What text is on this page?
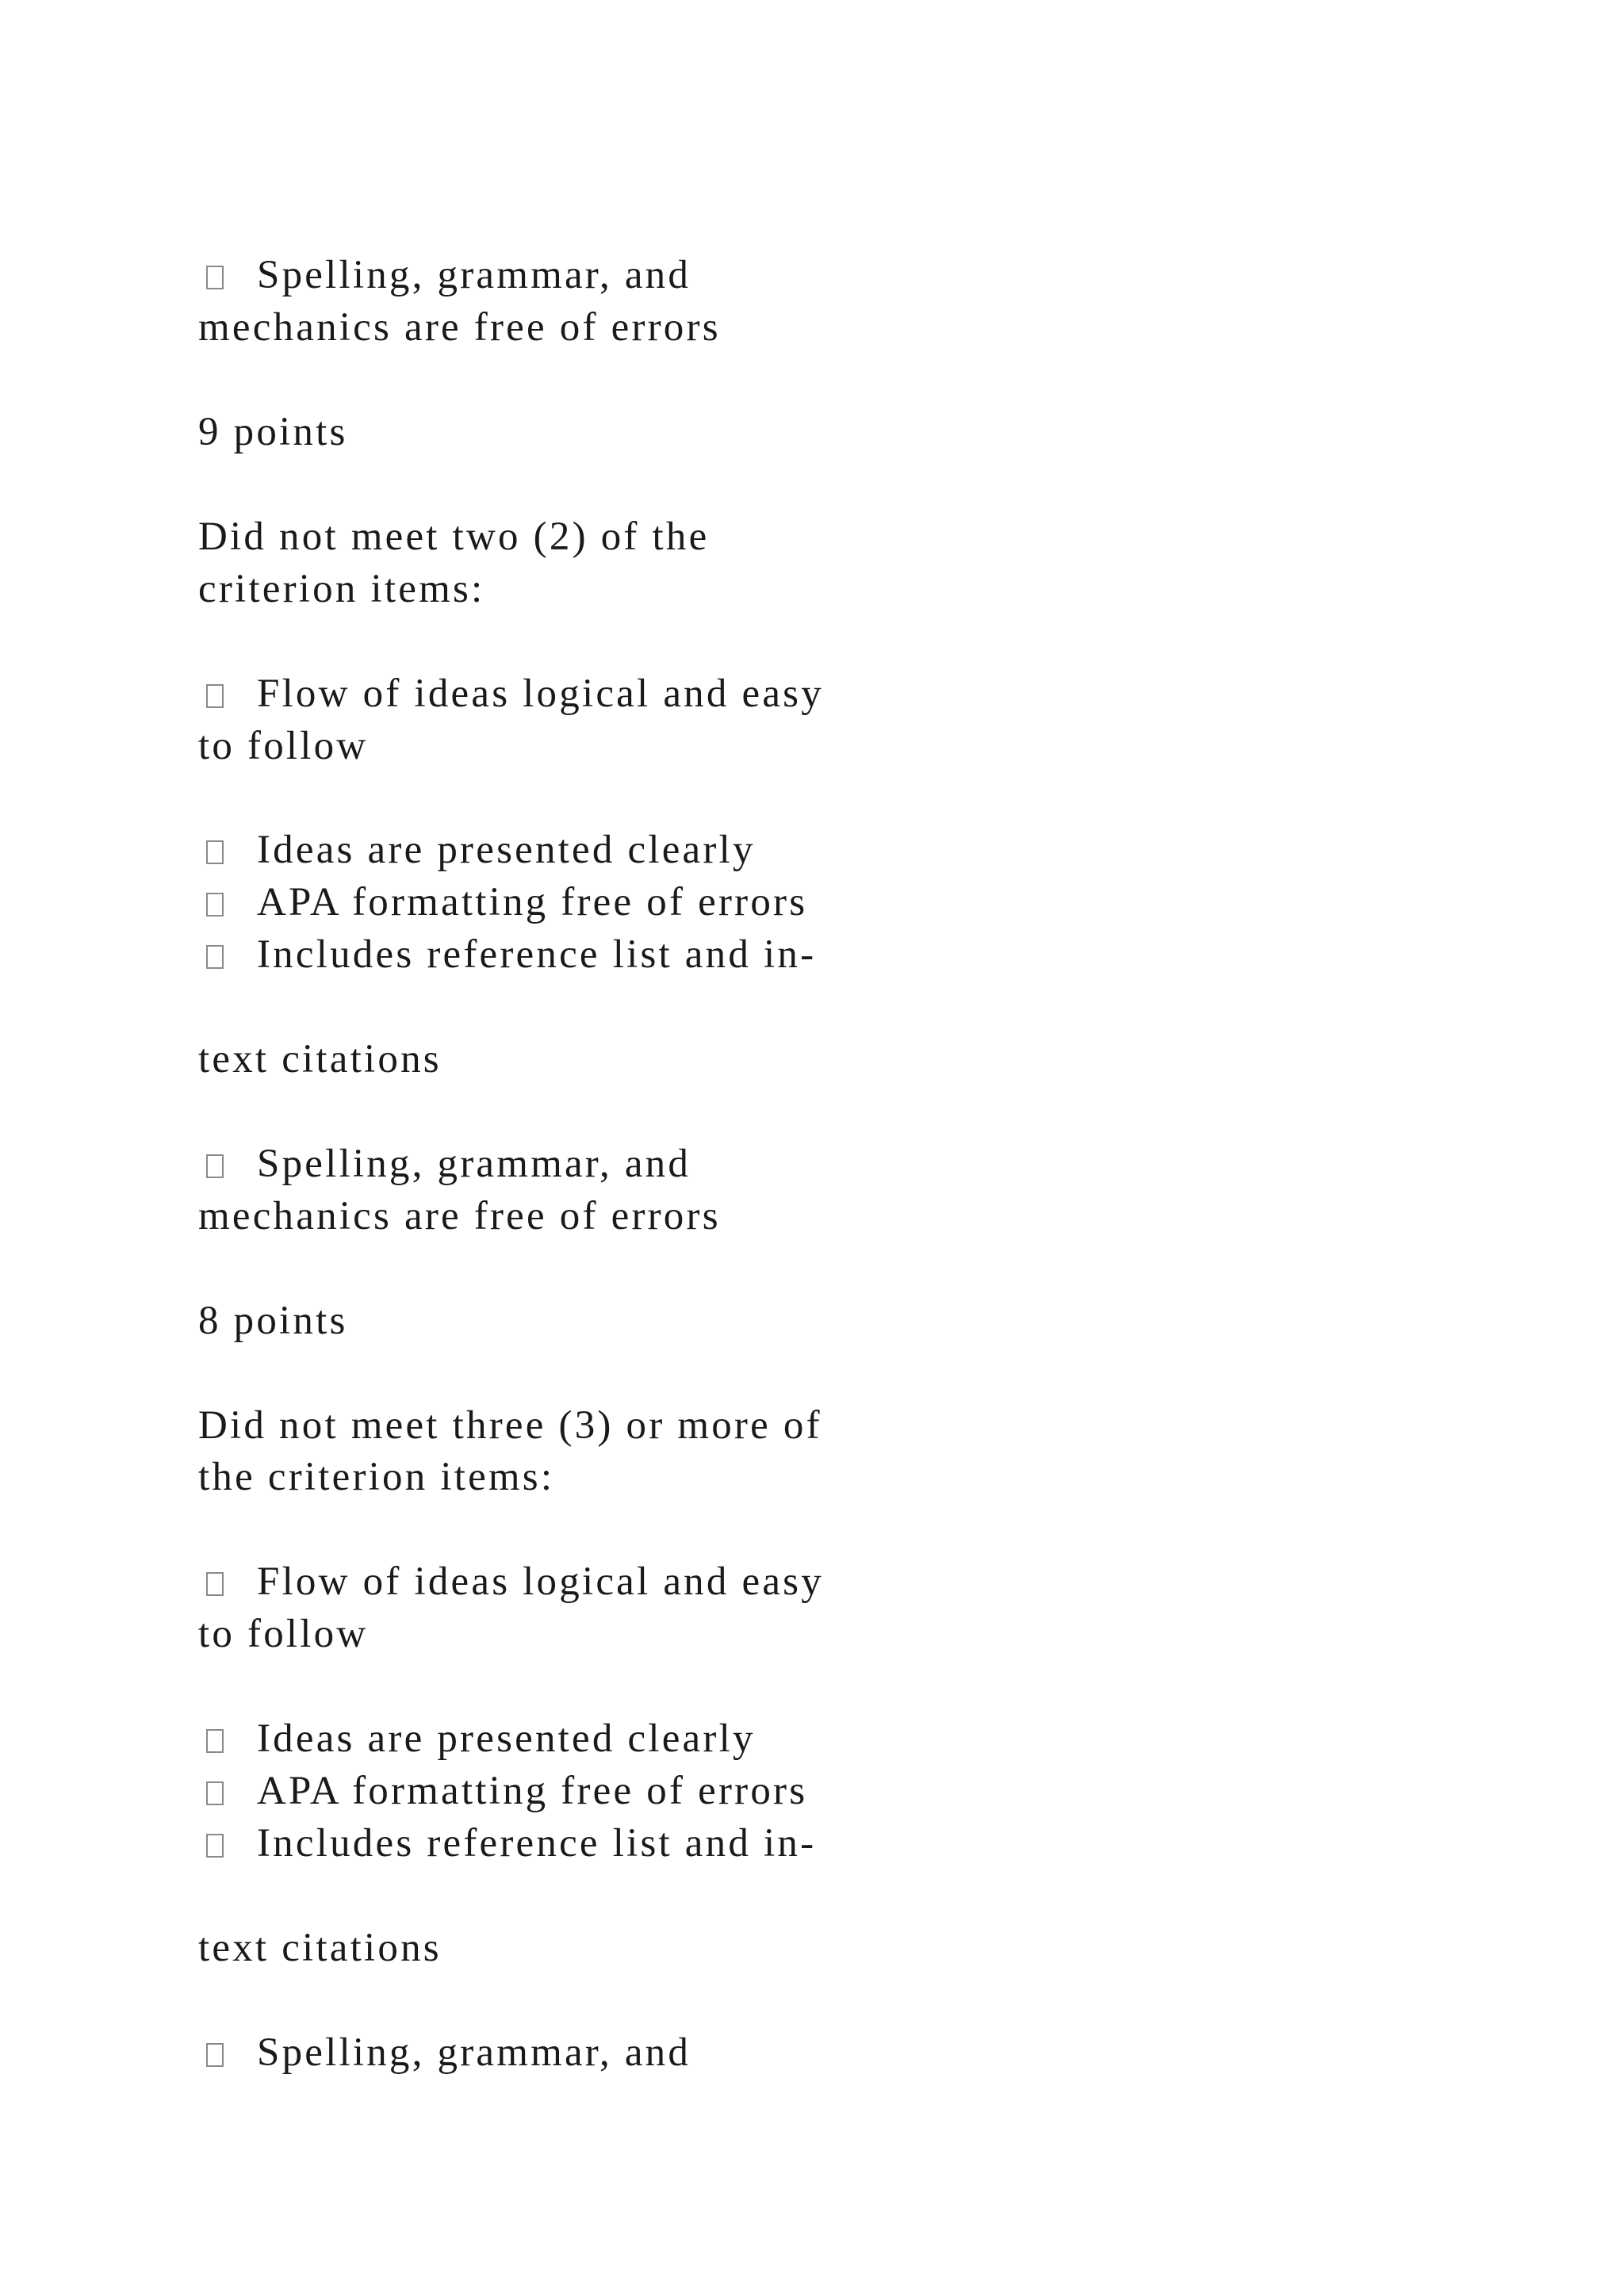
Spelling, grammar, and
mechanics are free of errors
9 points
Did not meet two (2) of the
criterion items:
Flow of ideas logical and easy
to follow
Ideas are presented clearly
APA formatting free of errors
Includes reference list and in-
text citations
Spelling, grammar, and
mechanics are free of errors
8 points
Did not meet three (3) or more of
the criterion items:
Flow of ideas logical and easy
to follow
Ideas are presented clearly
APA formatting free of errors
Includes reference list and in-
text citations
Spelling, grammar, and
